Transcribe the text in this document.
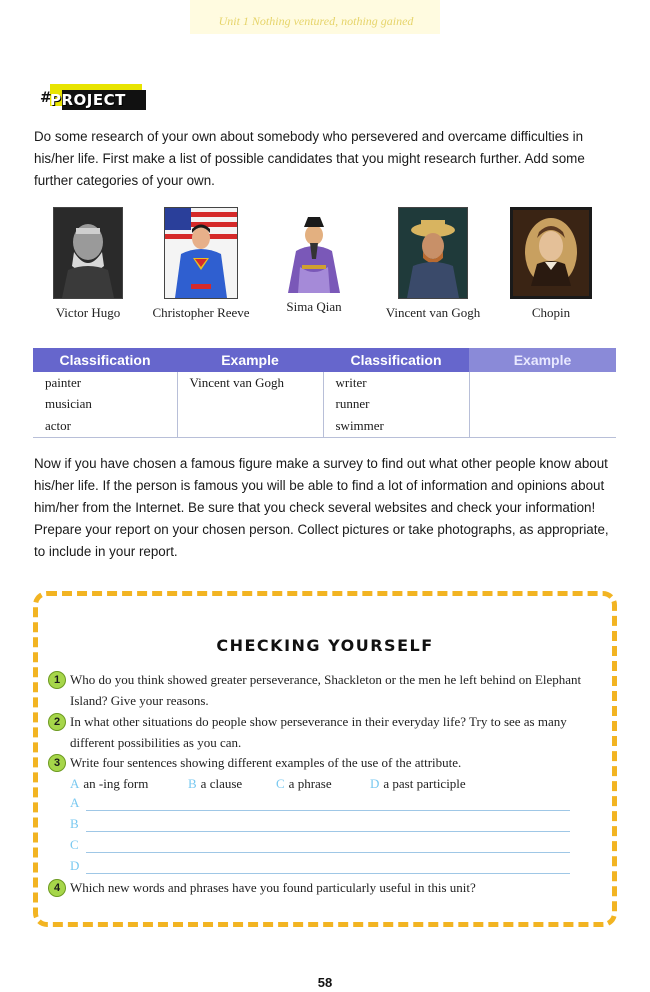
Unit 1 Nothing ventured, nothing gained
#
PROJECT
Do some research of your own about somebody who persevered and overcame difficulties in his/her life. First make a list of possible candidates that you might research further. Add some further categories of your own.
Victor Hugo	Christopher Reeve	Sima Qian	Vincent van Gogh	Chopin
Classification	Example	Classification	Example
painter	Vincent van Gogh	writer	
musician		runner	
actor		swimmer	
Now if you have chosen a famous figure make a survey to find out what other people know about his/her life. If the person is famous you will be able to find a lot of information and opinions about him/her from the Internet. Be sure that you check several websites and check your information! Prepare your report on your chosen person. Collect pictures or take photographs, as appropriate, to include in your report.
CHECKING YOURSELF
1 Who do you think showed greater perseverance, Shackleton or the men he left behind on Elephant Island? Give your reasons.
2 In what other situations do people show perseverance in their everyday life? Try to see as many different possibilities as you can.
3 Write four sentences showing different examples of the use of the attribute.
A an -ing form	B a clause	C a phrase	D a past participle
A
B
C
D
4 Which new words and phrases have you found particularly useful in this unit?
58
